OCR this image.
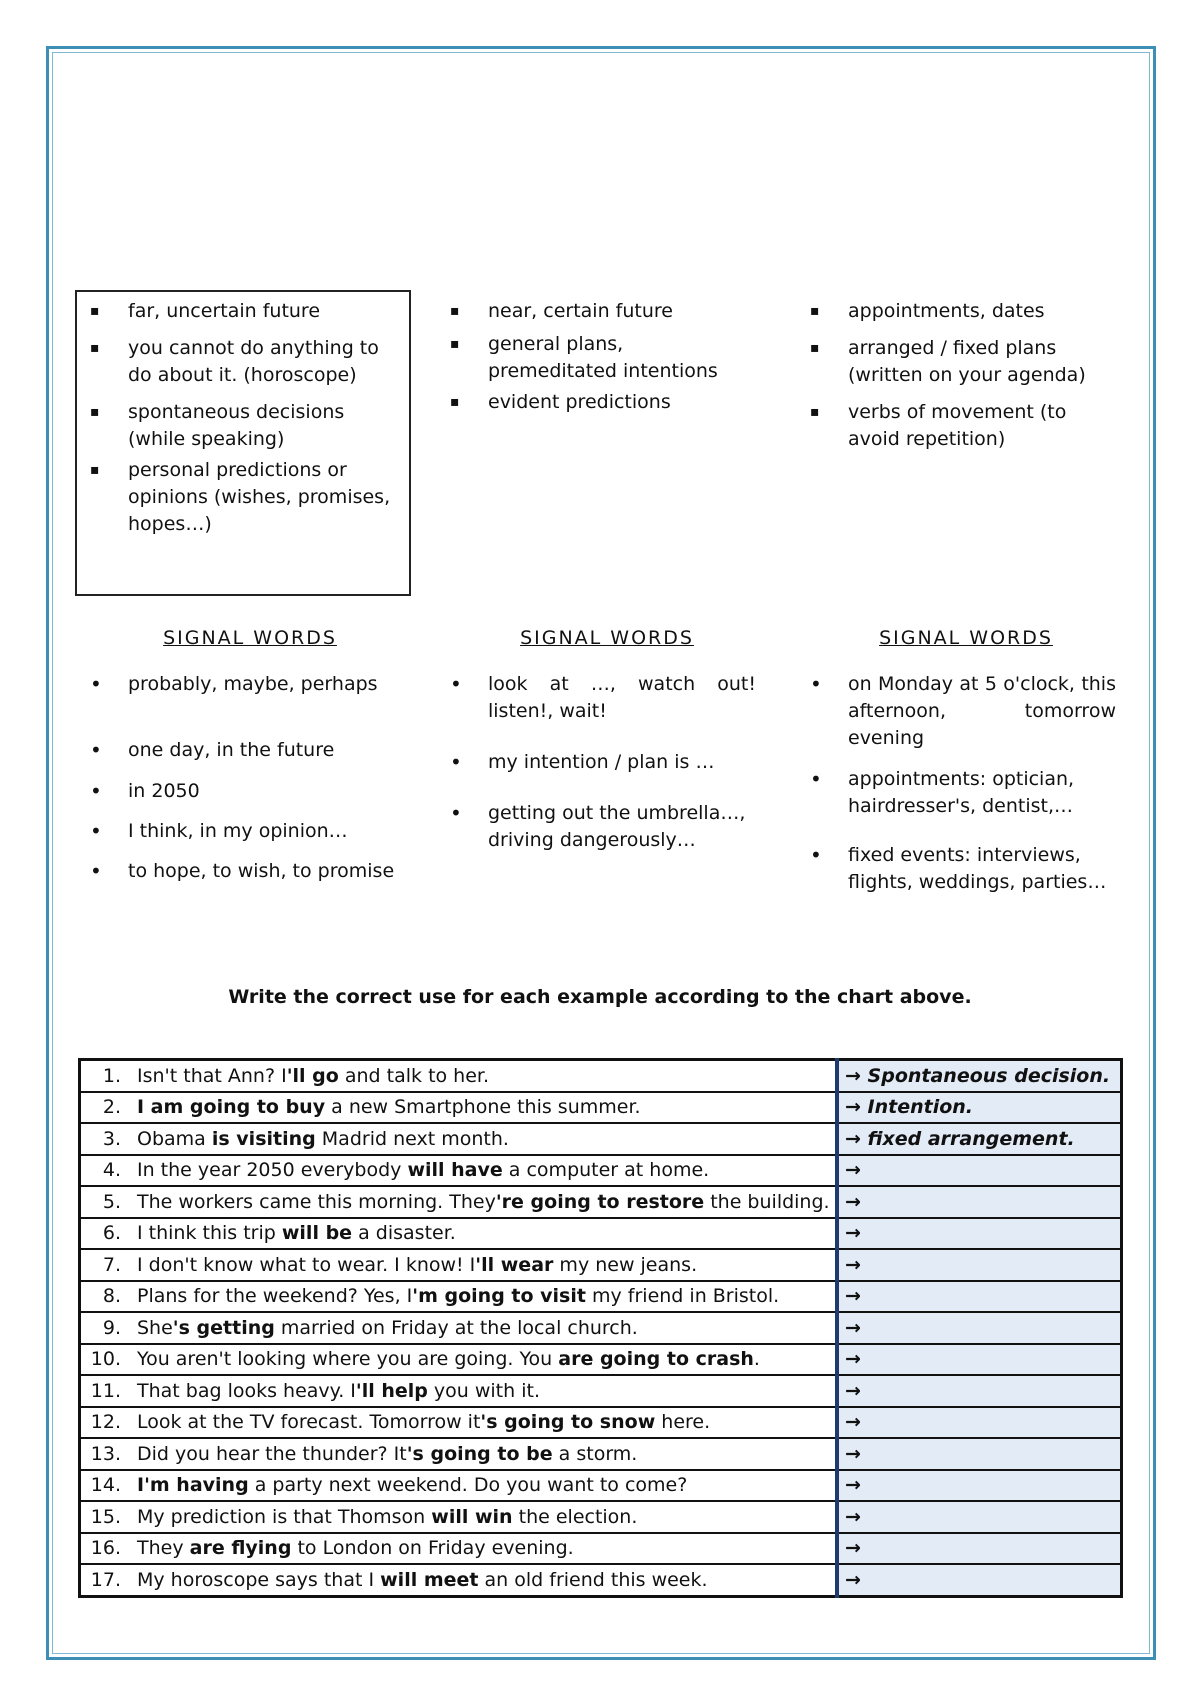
▪ far, uncertain future
▪ you cannot do anything to do about it. (horoscope)
▪ spontaneous decisions (while speaking)
▪ personal predictions or opinions (wishes, promises, hopes…)
▪ near, certain future
▪ general plans, premeditated intentions
▪ evident predictions
▪ appointments, dates
▪ arranged / fixed plans (written on your agenda)
▪ verbs of movement (to avoid repetition)
SIGNAL WORDS	SIGNAL WORDS	SIGNAL WORDS
• probably, maybe, perhaps
• one day, in the future
• in 2050
• I think, in my opinion…
• to hope, to wish, to promise
• look at …, watch out! listen!, wait!
• my intention / plan is …
• getting out the umbrella…, driving dangerously…
• on Monday at 5 o'clock, this afternoon, tomorrow evening
• appointments: optician, hairdresser's, dentist,…
• fixed events: interviews, flights, weddings, parties…
Write the correct use for each example according to the chart above.
1.	Isn't that Ann? I'll go and talk to her.	→ Spontaneous decision.
2.	I am going to buy a new Smartphone this summer.	→ Intention.
3.	Obama is visiting Madrid next month.	→ fixed arrangement.
4.	In the year 2050 everybody will have a computer at home.	→
5.	The workers came this morning. They're going to restore the building.	→
6.	I think this trip will be a disaster.	→
7.	I don't know what to wear. I know! I'll wear my new jeans.	→
8.	Plans for the weekend? Yes, I'm going to visit my friend in Bristol.	→
9.	She's getting married on Friday at the local church.	→
10.	You aren't looking where you are going. You are going to crash.	→
11.	That bag looks heavy. I'll help you with it.	→
12.	Look at the TV forecast. Tomorrow it's going to snow here.	→
13.	Did you hear the thunder? It's going to be a storm.	→
14.	I'm having a party next weekend. Do you want to come?	→
15.	My prediction is that Thomson will win the election.	→
16.	They are flying to London on Friday evening.	→
17.	My horoscope says that I will meet an old friend this week.	→
